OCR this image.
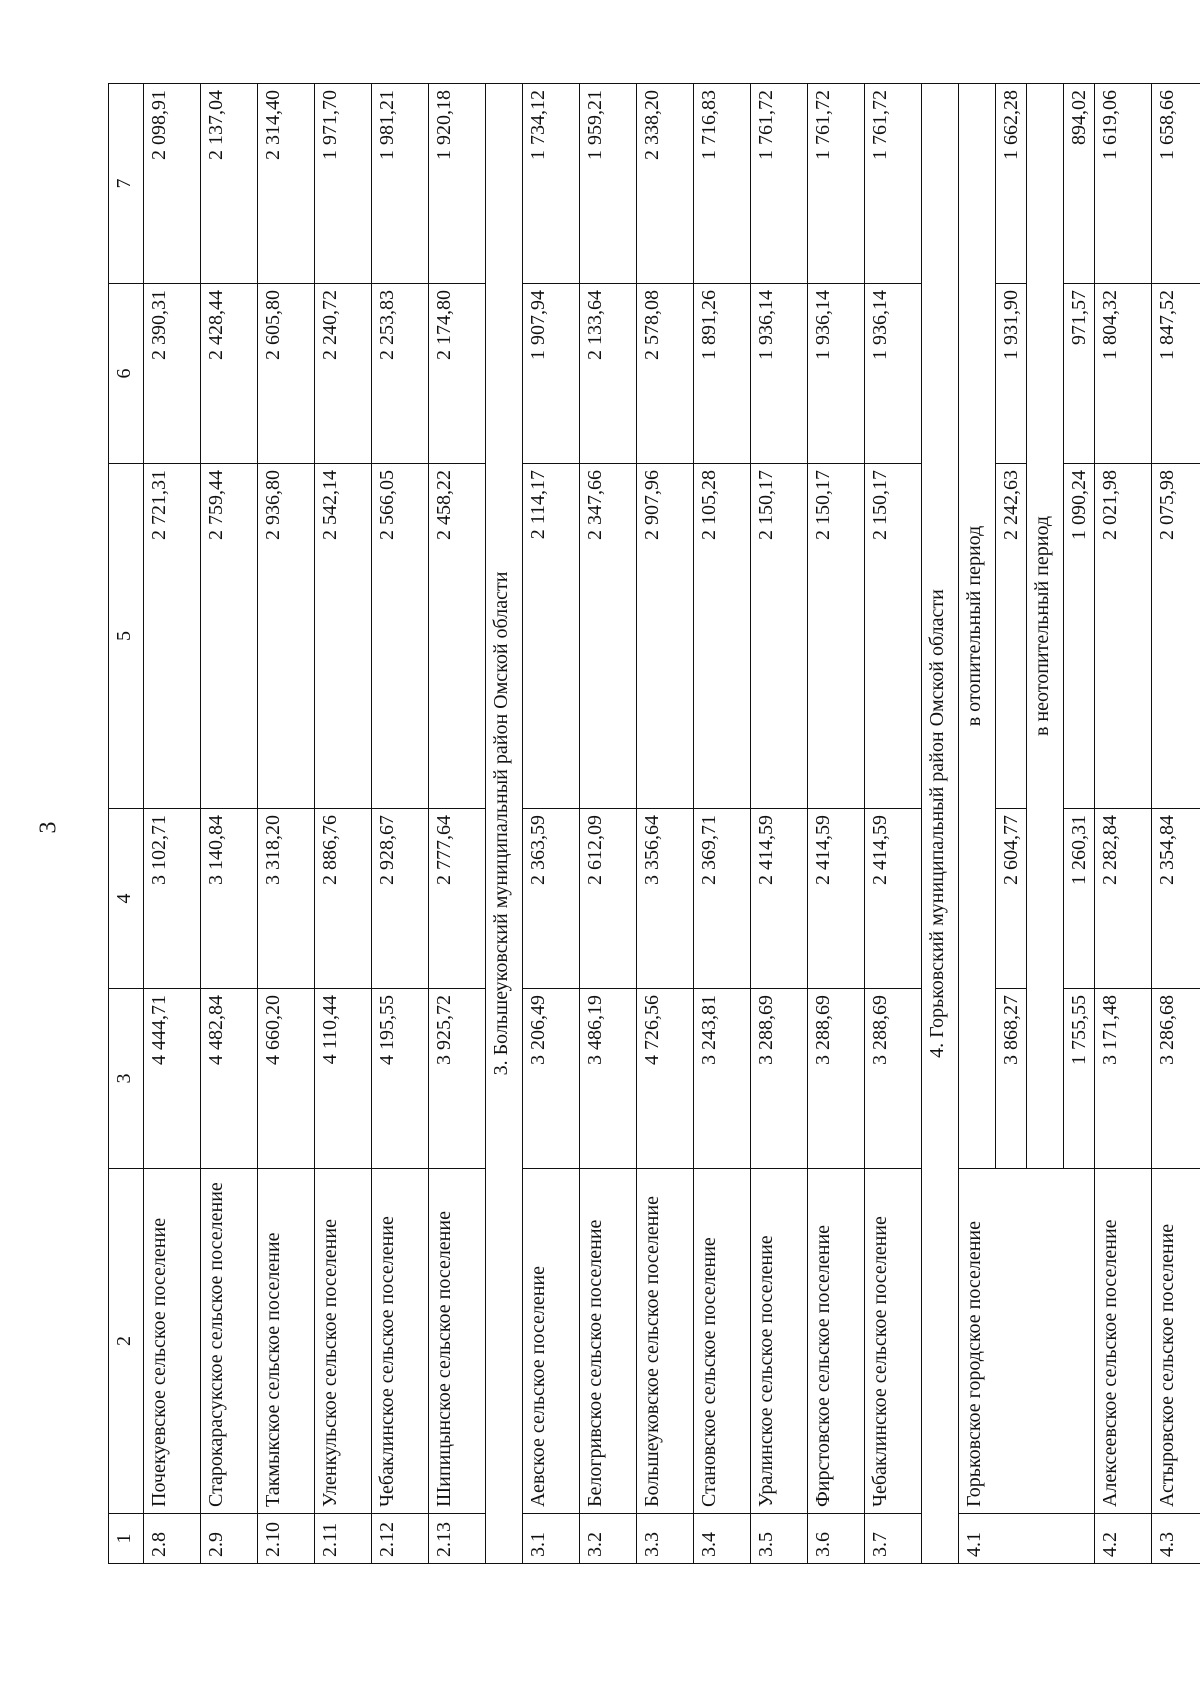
3
1	2	3	4	5	6	7
2.8	Почекуевское сельское поселение	4 444,71	3 102,71	2 721,31	2 390,31	2 098,91
2.9	Старокарасукское сельское поселение	4 482,84	3 140,84	2 759,44	2 428,44	2 137,04
2.10	Такмыкское сельское поселение	4 660,20	3 318,20	2 936,80	2 605,80	2 314,40
2.11	Уленкульское сельское поселение	4 110,44	2 886,76	2 542,14	2 240,72	1 971,70
2.12	Чебаклинское сельское поселение	4 195,55	2 928,67	2 566,05	2 253,83	1 981,21
2.13	Шипицынское сельское поселение	3 925,72	2 777,64	2 458,22	2 174,80	1 920,18
3. Большеуковский муниципальный район Омской области						
3.1	Аевское сельское поселение	3 206,49	2 363,59	2 114,17	1 907,94	1 734,12
3.2	Белогривское сельское поселение	3 486,19	2 612,09	2 347,66	2 133,64	1 959,21
3.3	Большеуковское сельское поселение	4 726,56	3 356,64	2 907,96	2 578,08	2 338,20
3.4	Становское сельское поселение	3 243,81	2 369,71	2 105,28	1 891,26	1 716,83
3.5	Уралинское сельское поселение	3 288,69	2 414,59	2 150,17	1 936,14	1 761,72
3.6	Фирстовское сельское поселение	3 288,69	2 414,59	2 150,17	1 936,14	1 761,72
3.7	Чебаклинское сельское поселение	3 288,69	2 414,59	2 150,17	1 936,14	1 761,72
4. Горьковский муниципальный район Омской области						
4.1	Горьковское городское поселение	в отопительный период				
		3 868,27	2 604,77	2 242,63	1 931,90	1 662,28
		в неотопительный период				
		1 755,55	1 260,31	1 090,24	971,57	894,02
4.2	Алексеевское сельское поселение	3 171,48	2 282,84	2 021,98	1 804,32	1 619,06
4.3	Астыровское сельское поселение	3 286,68	2 354,84	2 075,98	1 847,52	1 658,66
